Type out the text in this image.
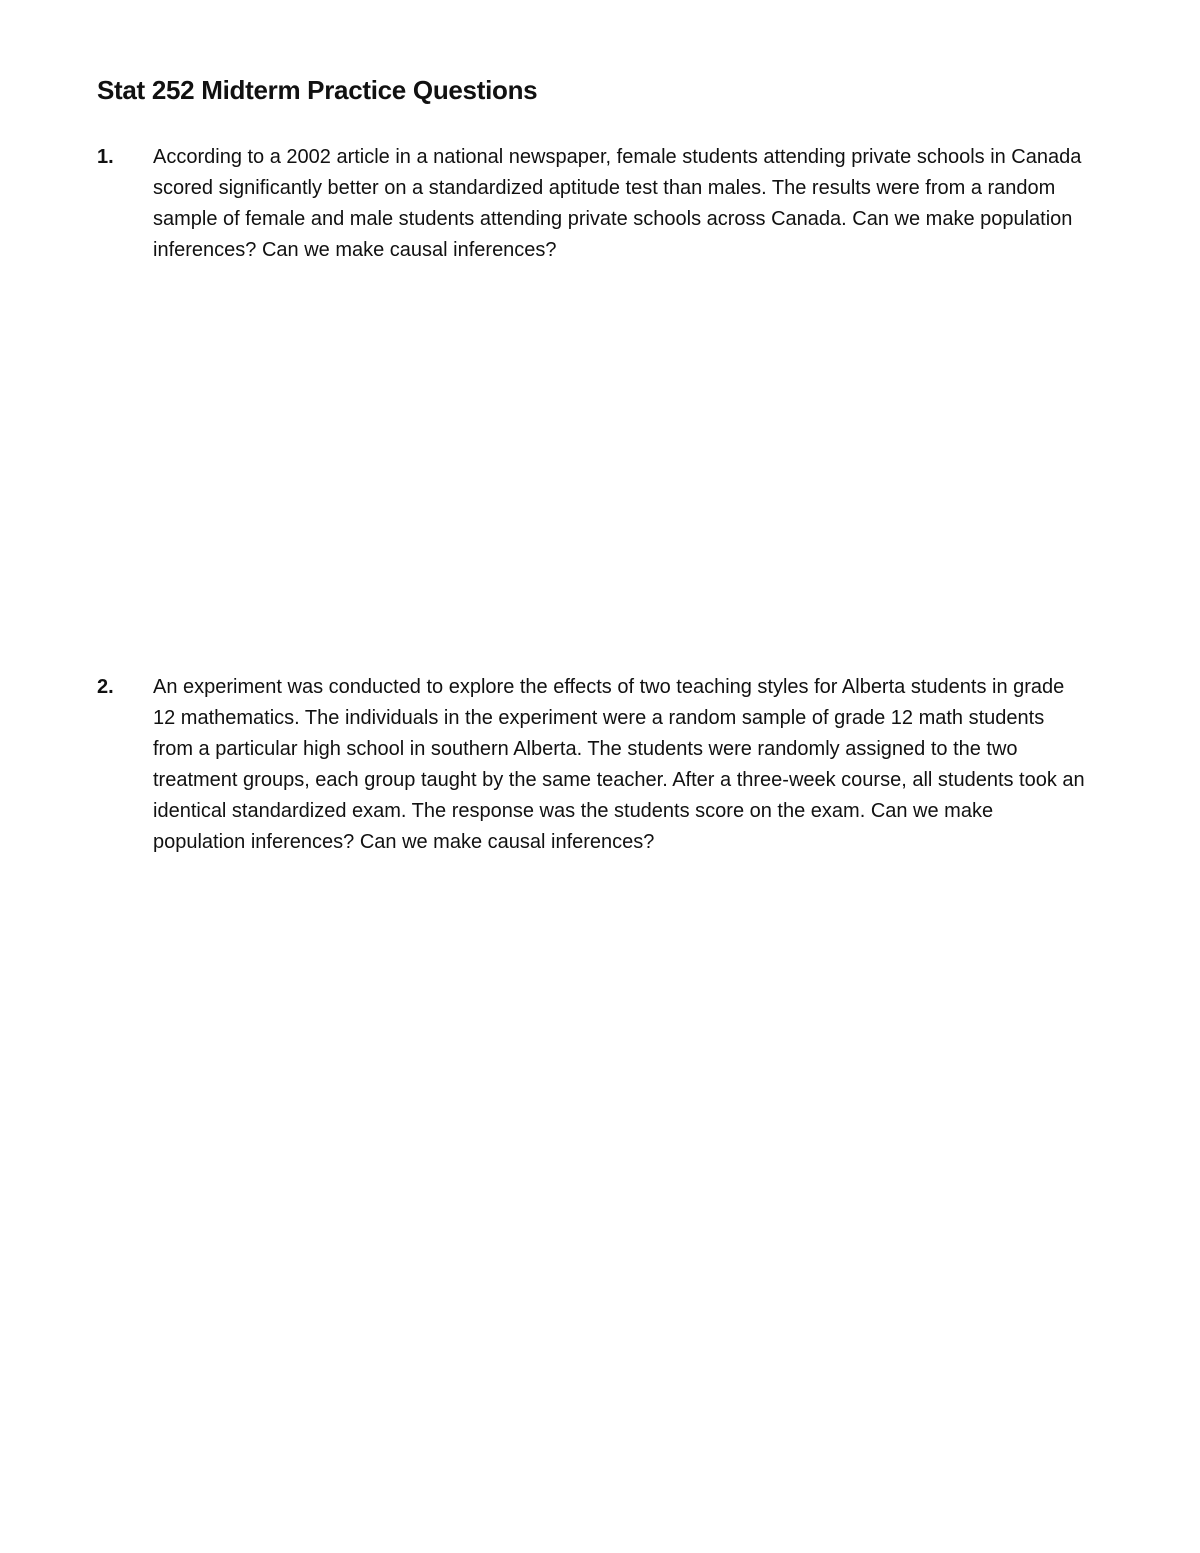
Stat 252 Midterm Practice Questions
1. According to a 2002 article in a national newspaper, female students attending private schools in Canada scored significantly better on a standardized aptitude test than males. The results were from a random sample of female and male students attending private schools across Canada. Can we make population inferences? Can we make causal inferences?

2. An experiment was conducted to explore the effects of two teaching styles for Alberta students in grade 12 mathematics. The individuals in the experiment were a random sample of grade 12 math students from a particular high school in southern Alberta. The students were randomly assigned to the two treatment groups, each group taught by the same teacher. After a three-week course, all students took an identical standardized exam. The response was the students score on the exam. Can we make population inferences? Can we make causal inferences?
